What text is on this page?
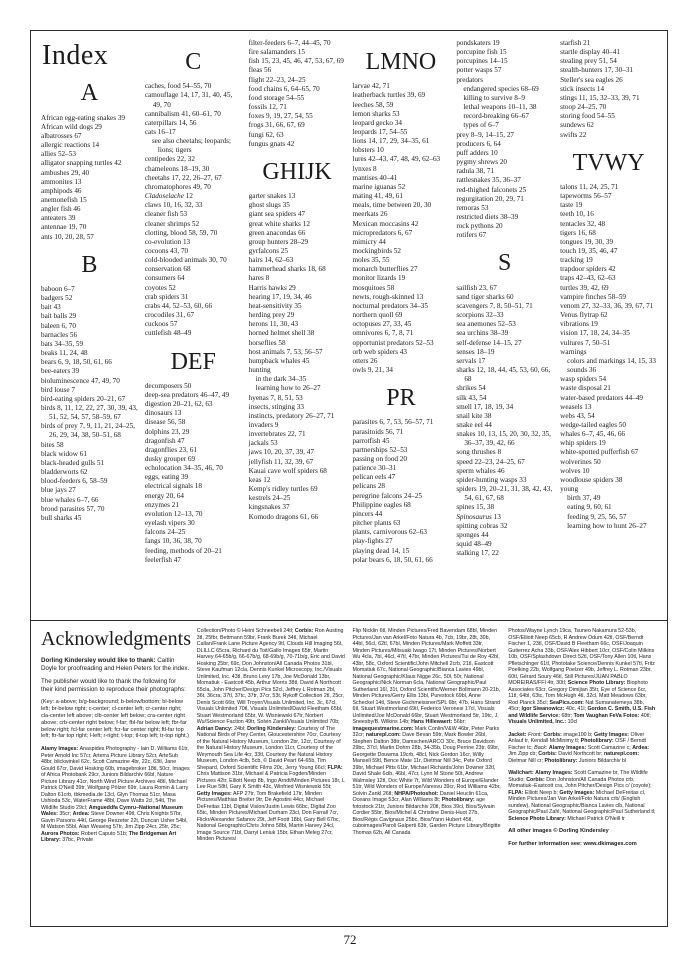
Index
A
African egg-eating snakes 39
African wild dogs 29
albatrosses 67
allergic reactions 14
allies 52–53
alligator snapping turtles 42
ambushes 29, 40
ammonites 13
amphipods 46
anemonefish 15
angler fish 46
anteaters 39
antennae 19, 70
ants 10, 20, 28, 57
B
baboon 6–7
badgers 52
bait 43
bait balls 29
baleen 6, 70
barnacles 56
bats 34–35, 59
beaks 11, 24, 48
bears 6, 9, 18, 50, 61, 66
bee-eaters 39
bioluminescence 47, 49, 70
bird louse 7
bird-eating spiders 20–21, 67
birds 8, 11, 12, 22, 27, 30, 39, 43, 51, 52, 54, 57, 58–59, 67
birds of prey 7, 9, 11, 21, 24–25, 26, 29, 34, 38, 50–51, 68
bites 58
black widow 61
black-headed gulls 51
bladderworts 62
blood-feeders 6, 58–59
blue jays 27
blue whales 6–7, 66
brood parasites 57, 70
bull sharks 45
C
caches, food 54–55, 70
camouflage 14, 17, 31, 40, 45, 49, 70
cannibalism 41, 60–61, 70
caterpillars 14, 56
cats 16–17
see also cheetahs; leopards; lions; tigers
centipedes 22, 32
chameleons 18–19, 30
cheetahs 17, 22, 26–27, 67
chromatophores 49, 70
Cladoselache 12
claws 10, 16, 32, 33
cleaner fish 53
cleaner shrimps 52
clotting, blood 58, 59, 70
co-evolution 13
cocoons 43, 70
cold-blooded animals 30, 70
conservation 68
consumers 64
coyotes 52
crab spiders 31
crabs 44, 52–53, 60, 66
crocodiles 31, 67
cuckoos 57
cuttlefish 48–49
DEF
decomposers 50
deep-sea predators 46–47, 49
digestion 20–21, 62, 63
dinosaurs 13
disease 56, 58
dolphins 23, 29
dragonfish 47
dragonflies 23, 61
dusky grouper 69
echolocation 34–35, 46, 70
eggs, eating 39
electrical signals 18
energy 20, 64
enzymes 21
evolution 12–13, 70
eyelash vipers 30
falcons 24–25
fangs 10, 36, 38, 70
feeding, methods of 20–21
feelerfish 47
filter-feeders 6–7, 44–45, 70
fire salamanders 15
fish 15, 23, 45, 46, 47, 53, 67, 69
fleas 56
flight 22–23, 24–25
food chains 6, 64–65, 70
food storage 54–55
fossils 12, 71
foxes 9, 19, 27, 54, 55
frogs 31, 66, 67, 69
fungi 62, 63
fungus gnats 42
GHIJK
garter snakes 13
ghost slugs 35
giant sea spiders 47
great white sharks 12
green anacondas 66
group hunters 28–29
gyrfalcons 25
hairs 14, 62–63
hammerhead sharks 18, 68
hares 8
Harris hawks 29
hearing 17, 19, 34, 46
heat-sensitivity 35
herding prey 29
herons 11, 30, 43
horned helmet shell 38
horseflies 58
host animals 7, 53, 56–57
humpback whales 45
hunting
in the dark 34–35
learning how to 26–27
hyenas 7, 8, 51, 53
insects, stinging 33
instincts, predatory 26–27, 71
invaders 9
invertebrates 22, 71
jackals 53
jaws 10, 20, 37, 39, 47
jellyfish 11, 32, 39, 67
Kauai cave wolf spiders 68
keas 12
Kemp's ridley turtles 69
kestrels 24–25
kingsnakes 37
Komodo dragons 61, 66
LMNO
larvae 42, 71
leatherback turtles 39, 69
leeches 58, 59
lemon sharks 53
leopard gecko 34
leopards 17, 54–55
lions 14, 17, 29, 34–35, 61
lobsters 10
lures 42–43, 47, 48, 49, 62–63
lynxes 8
mantises 40–41
marine iguanas 52
mating 41, 49, 61
meals, time between 20, 30
meerkats 26
Mexican moccasins 42
micropredators 6, 67
mimicry 44
mockingbirds 52
moles 35, 55
monarch butterflies 27
monitor lizards 19
mosquitoes 58
newts, rough-skinned 13
nocturnal predators 34–35
northern quoll 69
octopuses 27, 33, 45
omnivores 6, 7, 8, 71
opportunist predators 52–53
orb web spiders 43
otters 26
owls 9, 21, 34
PR
parasites 6, 7, 53, 56–57, 71
parasitoids 56, 71
parrotfish 45
partnerships 52–53
passing on food 20
patience 30–31
pelican eels 47
pelicans 28
peregrine falcons 24–25
Philippine eagles 68
pincers 44
pitcher plants 63
plants, carnivorous 62–63
play-fights 27
playing dead 14, 15
polar bears 6, 18, 50, 61, 66
pondskaters 19
porcupine fish 15
porcupines 14–15
potter wasps 57
predators
endangered species 68–69
killing to survive 8–9
lethal weapons 10–11, 38
record-breaking 66–67
types of 6–7
prey 8–9, 14–15, 27
producers 6, 64
puff adders 10
pygmy shrews 20
radula 38, 71
rattlesnakes 35, 36–37
red-thighed falconets 25
regurgitation 20, 29, 71
remoras 53
restricted diets 38–39
rock pythons 20
rotifers 67
S
sailfish 23, 67
sand tiger sharks 60
scavengers 7, 8, 50–51, 71
scorpions 32–33
sea anemones 52–53
sea urchins 38–39
self-defense 14–15, 27
senses 18–19
servals 17
sharks 12, 18, 44, 45, 53, 60, 66, 68
shrikes 54
silk 43, 54
smell 17, 18, 19, 34
snail kite 38
snake eel 44
snakes 10, 13, 15, 20, 30, 32, 35, 36–37, 39, 42, 66
song thrushes 8
speed 22–23, 24–25, 67
sperm whales 46
spider-hunting wasps 33
spiders 19, 20–21, 31, 38, 42, 43, 54, 61, 67, 68
spines 15, 38
Spinosaurus 13
spitting cobras 32
sponges 44
squid 48–49
stalking 17, 22
starfish 21
startle display 40–41
stealing prey 51, 54
stealth-hunters 17, 30–31
Steller's sea eagles 26
stick insects 14
stings 11, 15, 32–33, 39, 71
stoop 24–25, 70
storing food 54–55
sundews 62
swifts 22
TVWY
talons 11, 24, 25, 71
tapeworms 56–57
taste 19
teeth 10, 16
tentacles 32, 48
tigers 16, 68
tongues 19, 30, 39
touch 19, 35, 46, 47
tracking 19
trapdoor spiders 42
traps 42–43, 62–63
turtles 39, 42, 69
vampire finches 58–59
venom 27, 32–33, 36, 39, 67, 71
Venus flytrap 62
vibrations 19
vision 17, 18, 24, 34–35
vultures 7, 50–51
warnings
colors and markings 14, 15, 33
sounds 36
wasp spiders 54
waste disposal 21
water-based predators 44–49
weasels 13
webs 43, 54
wedge-tailed eagles 50
whales 6–7, 45, 46, 66
whip spiders 19
white-spotted pufferfish 67
wolverines 50
wolves 10
woodlouse spiders 38
young
birth 37, 49
eating 9, 60, 61
feeding 9, 25, 56, 57
learning how to hunt 26–27
Acknowledgments
Dorling Kindersley would like to thank: Caitlin Doyle for proofreading and Helen Peters for the index.
The publisher would like to thank the following for their kind permission to reproduce their photographs:
(Key: a-above; b/g-background; b-below/bottom; bl-below left; br-below right; c-center; cl-center left; cr-center right; cla-center left above; clb-center left below; cra-center right above; crb-center right below; f-far; fbl-far below left; fbr-far below right; fcl-far center left; fcr-far center right; ftl-far top left; ftr-far top right; l-left; r-right; t-top; tl-top left; tr-top right.)
Alamy Images: Anaspides Photography - Iain D. Williams 61tr, Peter Arnold Inc 57cr, Arterra Picture Library 52cr, ArteSub 48br, blickwinkel 62c, Scott Camazine 4br, 22c, 63tl, Jane Gould 67cr, David Hosking 60b, imagebroker 18tl, 50cr, Images of Africa Photobank 29cr, Juniors Bildarchiv 66bl, Nature Picture Library 41cr, North Wind Picture Archives 48tl, Michael Patrick O'Neill 39tr, Wolfgang Pölzer 69tr, Laura Romin & Larry Dalton 61crb, tbkmedia.de 13cl, Glyn Thomas 51cr, Masa Ushioda 53c, WaterFrame 48bl, Dave Watts 2cl, 54tl, The Wildlife Studio 29cl; Amgueddfa Cymru–National Museum Wales: 35cr; Ardea: Steve Downer 49tl, Chris Knights 57br, Gavin Parsons 44tl, George Reszeter 22t, Duncan Usher 54bl, M Watson 55bl, Alan Weaving 57tr, Jim Zipp 24cr, 25tr, 25c; Aurora Photos: Robert Caputo 51b; The Bridgeman Art Library: 37bc, Private
Collection/Photo © Heini Schneebeli 24tl; Corbis: Ron Austing 3tl, 25fbr, Bettmann 59br, Frank Burek 34tl, Michael Callan/Frank Lane Picture Agency 9tl, Clouds Hill Imaging 56t, DLILLC 65cra, Richard du Toit/Gallo Images 65tr, Martin Harvey 64-65b/g, 66-67b/g, 68-69b/g, 70-71b/g, Eric and David Hosking 25br, 69c, Don Johnston/All Canada Photos 31bl, Steve Kaufman 12cla, Dennis Kunkel Microscopy, Inc./Visuals Unlimited, Inc. 43tl, Bruno Levy 17b, Joe McDonald 13br, Momatiuk - Eastcott 45b, Arthur Morris 38tl, David A Northcott 65cla, John Pitcher/Design Pics 52cl, Jeffrey L Rotman 2bl, 36t, 36cra, 37tl, 37tc, 37tr, 37cr, 53t, Rykoff Collection 2tl, 25cr, Denis Scott 66tr, Will Troyer/Visuals Unlimited, Inc. 3c, 67cl, Visuals Unlimited 70tl, Visuals Unlimited/David Fleetham 65bl, Stuart Westmorland 65br, W. Wisniewski 67tr, Norbert Wu/Science Faction 49tr, Solvin Zankl/Visuals Unlimited 70b; Adrian Dancy: 24bl; Dorling Kindersley: Courtesy of The National Birds of Prey Center, Gloucestershire 70cr, Courtesy of the Natural History Museum, London 2br, 12cr, Courtesy of the Natural History Museum, London 11cr, Courtesy of the Weymouth Sea Life 4cr, 33tl, Courtesy the Natural History Museum, London 4clb, 5cb, © David Peart 64-65b, Tim Shepard, Oxford Scientific Films 20c, Jerry Young 66cl; FLPA: Chris Mattison 31br, Michael & Patricia Fogden/Minden Pictures 42tr, Elliott Neep 8b, Ingo Arndt/Minden Pictures 18r, L Lee Rue 58tl, Gary K Smith 43c, Winfried Wisniewski 55t; Getty Images: AFP 27tr, Tom Brakefield 17tr, Minden Pictures/Matthias Breiter 9tr, De Agostini 44cr, Michael DeFreitas 11bl, Digital Vision/Justin Lewis 66bc, Digital Zoo 65tc, Minden Pictures/Michael Durham 23cl, Don Farrall 7cr, Flickr/Alexander Safanov 29t, Jeff Foott 18bl, Gary Bell 67bc, National Geographic/Chris Johns 58bl, Martin Harvey 24cl, Image Source 71bl, Darryl Leniuk 15br, Ethan Meleg 27cr, Minden Pictures/
Flip Nicklin 6tl, Minden Pictures/Fred Bavendam 68bl, Minden Pictures/Jan van Arkel/Foto Natura 4b, 7cb, 19br, 28t, 30b, 44bl, 56cl, 62tl, 67bl, Minden Pictures/Mark Moffett 33tr, Minden Pictures/Mitsuaki Iwago 17t, Minden Pictures/Norbert Wu 4cla, 7bl, 46cl, 47tl, 47br, Minden Pictures/Tui de Roy 42bl, 43br, 58c, Oxford Scientific/John Mitchell 2crb, 21tl, Eastcott Momatiuk 67c, National Geographic/Bianca Lavies 49bl, National Geographic/Klaus Nigge 26c, 50l, 50r, National Geographic/Nick Norman 6cla, National Geographic/Paul Sutherland 16l, 31t, Oxford Scientific/Werner Bollmann 20-21b, Minden Pictures/Gerry Ellis 13bl, Purestock 69bl, Anne Scheckel 14tl, Steve Gschmeissner/SPL 6br, 47b, Hans Strand 6tl, Stuart Westmorland 69tl, Federico Veronesi 17cl, Visuals Unlimited/Joe McDonald 66br, Stuart Westmorland 5tr, 19tc, J. Sneesby/B. Wilkins 14b; Hans Hillewaert: 56br; imagequestmarine.com: Mark Conlin/V&W 46br, Peter Parks 32cr; naturepl.com: Dave Bevan 59tr, Mark Bowler 26bl, Stephen Dalton 38tr, Damschen/ARCO 30c, Bruce Davidson 29bc, 37cl, Martin Dohrn 28b, 34-35b, Doug Perrine 23tr, 69br, Georgette Douwma 19crb, 48cl, Nick Gordon 16cr, Willy Mansell 59tl, Bence Mate 11r, Dietmar Nill 34c, Pete Oxford 39br, Michael Pitts 61br, Michael Richards/John Downer 32tl, David Shale 6clb, 46bl, 47cr, Lynn M Stone 50t, Andrew Walmsley 12tl, Doc White 7t, Wild Wonders of Europe/Elander 51tr, Wild Wonders of Europe/Varesvu 39cr, Rod Williams 42br, Solvin Zankl 26tl; NHPA/Photoshot: Daniel Heuclin 61ca, Oceans Image 53cr, Alan Williams 8t; Photolibrary: age fotostock 21tr, Juniors Bildarchiv 20tl, Bios 39cl, Bios/Sylvain Cordier 55br, Bios/Michel & Christine Denis-Huot 27b, Bios/Régis Cavignaux 25bc, Bios/Yann Hubert 45tl, cuboimages/Paroli Galperti 63tr, Garden Picture Library/Brigitte Thomas 62b, All Canada
Photos/Wayne Lynch 19ca, Tsuneo Nakamura 52-53b, OSF/Elliott Neep 65cb, R Andrew Odum 42tl, OSF/Berndt Fischer 1, 23tl, OSF/David B Fleetham 66c, OSF/Joaquin Gutierrez Acha 33b, OSF/Alex Hibbert 10cr, OSF/Colin Milkins 10b, OSF/Splashdown Direct 52tl, OSF/Tony Allen 10tl, Hans Pfletschinger 61tl, Phototake Science/Dennis Kunkel 57tl, Fritz Poelking 22b, Wolfgang Poelzer 49b, Jeffrey L. Rotman 23br, 60tl, Gérard Soury 46tl, Still Pictures/JUAN PABLO MOREIRAS/FFI 4tr, 30tl; Science Photo Library: Biophoto Associates 63cr, Gregory Dimijian 35tr, Eye of Science 6cr, 11tl, 64bl, 63tc, Tom McHugh 4tl, 32cl, Matt Meadows 63br, Rod Planck 35cl; SeaPics.com: Nat Sumanatemeya 38b, 45cr; Igor Siwanowicz: 40c, 41l; Gordon C. Smith, U.S. Fish and Wildlife Service: 68tr; Tom Vaughan FeVa Fotos: 40tl; Visuals Unlimited, Inc.: 10cl
Jacket: Front: Corbis: image100 b; Getty Images: Oliver Anlauf tr, Kendall McMinimy tl; Photolibrary: OSF / Berndt Fischer tc; Back: Alamy Images: Scott Camazine c; Ardea: Jim Zipp cb; Corbis: David Northcott br; naturepl.com: Dietmar Nill cr; Photolibrary: Juniors Bildarchiv bl
Wallchart: Alamy Images: Scott Camazine br, The Wildlife Studio; Corbis: Don Johnston/All Canada Photos crb, Momatiuk–Eastcott cra, John Pitcher/Design Pics c/ (coyote); FLPA: Elliott Neep b; Getty Images: Michael DeFreitas cl, Minden Pictures/Jan Van Arkel/Foto Natura crb/ (English sundew), National Geographic/Bianca Lavies clb, National Geographic/Paul Zahl, National Geographic/Paul Sutherland tl; Science Photo Library: Michael Patrick O'Neill tr
All other images © Dorling Kindersley
For further information see: www.dkimages.com
72
